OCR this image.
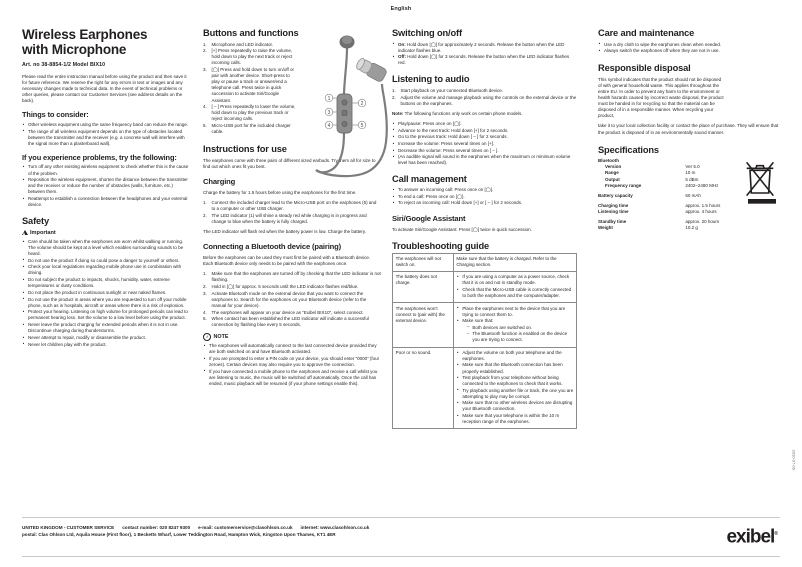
English
Wireless Earphones
with Microphone
Art. no 38-8854-1/2 Model BIX10

Please read the entire instruction manual before using the product and then save it for future reference. We reserve the right for any errors in text or images and any necessary changes made to technical data. In the event of technical problems or other queries, please contact our Customer Services (see address details on the back).

Things to consider:
• Other wireless equipment using the same frequency band can reduce the range.
• The range of all wireless equipment depends on the type of obstacles located between the transmitter and the receiver (e.g. a concrete wall will interfere with the signal more than a plasterboard wall).
If you experience problems, try the following:
• Turn off any other existing wireless equipment to check whether this is the cause of the problem.
• Reposition the wireless equipment, shorten the distance between the transmitter and the receiver or reduce the number of obstacles (walls, furniture, etc.) between them.
• Reattempt to establish a connection between the headphones and your external device.
Safety
Important
• Care should be taken when the earphones are worn whilst walking or running. The volume should be kept at a level which enables surrounding sounds to be heard.
• Do not use the product if doing so could pose a danger to yourself or others.
• Check your local regulations regarding mobile phone use in combination with driving.
• Do not subject the product to impacts, shocks, humidity, water, extreme temperatures or dusty conditions.
• Do not place the product in continuous sunlight or near naked flames.
• Do not use the product in areas where you are requested to turn off your mobile phone, such as in hospitals, aircraft or areas where there is a risk of explosion.
• Protect your hearing. Listening on high volume for prolonged periods can lead to permanent hearing loss. Set the volume to a low level before using the product.
• Never leave the product charging for extended periods when it is not in use. Discontinue charging during thunderstorms.
• Never attempt to repair, modify or disassemble the product.
• Never let children play with the product.
Buttons and functions
Microphone and LED indicator.
[+] Press repeatedly to raise the volume, hold down to play the next track or reject incoming calls.
[◯] Press and hold down to turn on/off or pair with another device. Short-press to play or pause a track or answer/end a telephone call. Press twice in quick succession to activate Siri/Google Assistant.
[ – ] Press repeatedly to lower the volume, hold down to play the previous track or reject incoming calls.
Micro-USB port for the included charger cable.
Instructions for use

The earphones come with three pairs of different sized earbuds. Try them all for size to find out which ones fit you best.

Charging

Charge the battery for 1.5 hours before using the earphones for the first time.

Connect the included charger lead to the Micro-USB port on the earphones (5) and to a computer or other USB charger.
The LED indicator (1) will shine a steady red while charging is in progress and change to blue when the battery is fully charged.

The LED indicator will flash red when the battery power is low. Charge the battery.

Connecting a Bluetooth device (pairing)

Before the earphones can be used they must first be paired with a Bluetooth device. Each Bluetooth device only needs to be paired with the earphones once.

Make sure that the earphones are turned off by checking that the LED indicator is not flashing.
Hold in [◯] for approx. 5 seconds until the LED indicator flashes red/blue.
Activate Bluetooth mode on the external device that you want to connect the earphones to. Search for the earphones on your Bluetooth device (refer to the manual for your device).
The earphones will appear on your device as “Exibel BIX10”, select connect.
When contact has been established the LED indicator will indicate a successful connection by flashing blue every 5 seconds.
i	NOTE
• The earphones will automatically connect to the last connected device provided they are both switched on and have Bluetooth activated.
• If you are prompted to enter a PIN code on your device, you should enter “0000” (four zeroes). Certain devices may also require you to approve the connection.
• If you have connected a mobile phone to the earphones and receive a call whilst you are listening to music, the music will be switched off automatically. Once the call has ended, music playback will be resumed (if your phone settings enable this).
Switching on/off
• On: Hold down [◯] for approximately 2 seconds. Release the button when the LED indicator flashes blue.
• Off: Hold down [◯] for 3 seconds. Release the button when the LED indicator flashes red.
Listening to audio
Start playback on your connected Bluetooth device.
Adjust the volume and manage playback using the controls on the external device or the buttons on the earphones.

Note: The following functions only work on certain phone models.

• Play/pause: Press once on [◯].
• Advance to the next track: Hold down [+] for 2 seconds.
• Go to the previous track: Hold down [ – ] for 2 seconds.
• Increase the volume: Press several times on [+].
• Decrease the volume: Press several times on [ – ].
• (An audible signal will sound in the earphones when the maximum or minimum volume level has been reached).
Call management
• To answer an incoming call: Press once on [◯].
• To end a call: Press once on [◯].
• To reject an incoming call: Hold down [+] or [ – ] for 2 seconds.
Siri/Google Assistant

To activate Siri/Google Assistant: Press [◯] twice in quick succession.

Troubleshooting guide
The earphones will not switch on.	Make sure that the battery is charged. Refer to the Charging section.

The battery does not charge.	
• If you are using a computer as a power source, check that it is on and not in standby mode.
• Check that the Micro-USB cable is correctly connected to both the earphones and the computer/adapter.

The earphones won’t connect to (pair with) the external device.	
• Place the earphones next to the device that you are trying to connect them to.
• Make sure that:
– Both devices are switched on.
– The Bluetooth function is enabled on the device you are trying to connect.

Poor or no sound.	
•Adjust the volume on both your telephone and the earphones.
• Make sure that the Bluetooth connection has been properly established.
• Test playback from your telephone without being connected to the earphones to check that it works.
• Try playback using another file or track, the one you are attempting to play may be corrupt.
• Make sure that no other wireless devices are disrupting your Bluetooth connection.
• Make sure that your telephone is within the 10 m reception range of the earphones.
Care and maintenance
• Use a dry cloth to wipe the earphones clean when needed.
• Always switch the earphones off when they are not in use.
Responsible disposal

This symbol indicates that the product should not be disposed of with general household waste. This applies throughout the entire EU. In order to prevent any harm to the environment or health hazards caused by incorrect waste disposal, the product must be handed in for recycling so that the material can be disposed of in a responsible manner. When recycling your product,

take it to your local collection facility or contact the place of purchase. They will ensure that the product is disposed of in an environmentally sound manner.

Specifications
Bluetooth	
Version	Ver 5.0
Range	10 m
Output	5 dBm
Frequency range	2402–2480 MHz

Battery capacity	60 mAh

Charging time	approx. 1.5 hours
Listening time	approx. 4 hours

Standby time	approx. 20 hours
Weight	10.2 g
1
2
3
4	5
UNITED KINGDOM - CUSTOMER SERVICE contact number: 020 8247 9300 e-mail: customerservice@clasohlson.co.uk internet: www.clasohlson.co.uk
postal: Clas Ohlson Ltd, Aquila House (First floor), 1 Becketts Wharf, Lower Teddington Road, Hampton Wick, Kingston Upon Thames, KT1 4ER	exibel®
2020-07-09
